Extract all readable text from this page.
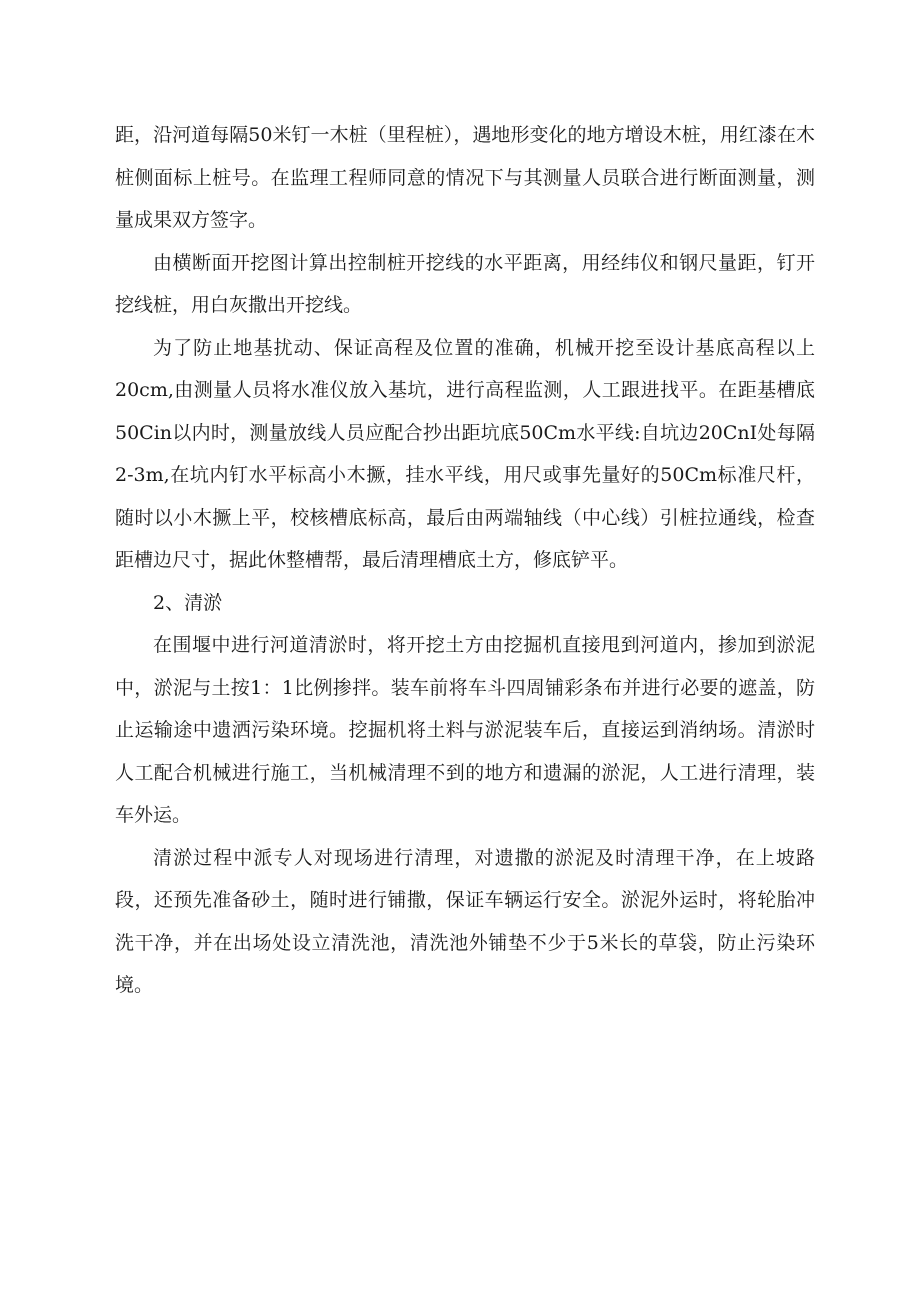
距，沿河道每隔50米钉一木桩（里程桩），遇地形变化的地方增设木桩，用红漆在木桩侧面标上桩号。在监理工程师同意的情况下与其测量人员联合进行断面测量，测量成果双方签字。

由横断面开挖图计算出控制桩开挖线的水平距离，用经纬仪和钢尺量距，钉开挖线桩，用白灰撒出开挖线。

为了防止地基扰动、保证高程及位置的准确，机械开挖至设计基底高程以上20cm,由测量人员将水准仪放入基坑，进行高程监测，人工跟进找平。在距基槽底50Cin以内时，测量放线人员应配合抄出距坑底50Cm水平线:自坑边20CnI处每隔2-3m,在坑内钉水平标高小木撅，挂水平线，用尺或事先量好的50Cm标准尺杆，随时以小木撅上平，校核槽底标高，最后由两端轴线（中心线）引桩拉通线，检查距槽边尺寸，据此休整槽帮，最后清理槽底土方，修底铲平。

2、清淤

在围堰中进行河道清淤时，将开挖土方由挖掘机直接甩到河道内，掺加到淤泥中，淤泥与土按1：1比例掺拌。装车前将车斗四周铺彩条布并进行必要的遮盖，防止运输途中遗洒污染环境。挖掘机将土料与淤泥装车后，直接运到消纳场。清淤时人工配合机械进行施工，当机械清理不到的地方和遗漏的淤泥，人工进行清理，装车外运。

清淤过程中派专人对现场进行清理，对遗撒的淤泥及时清理干净，在上坡路段，还预先准备砂土，随时进行铺撒，保证车辆运行安全。淤泥外运时，将轮胎冲洗干净，并在出场处设立清洗池，清洗池外铺垫不少于5米长的草袋，防止污染环境。
